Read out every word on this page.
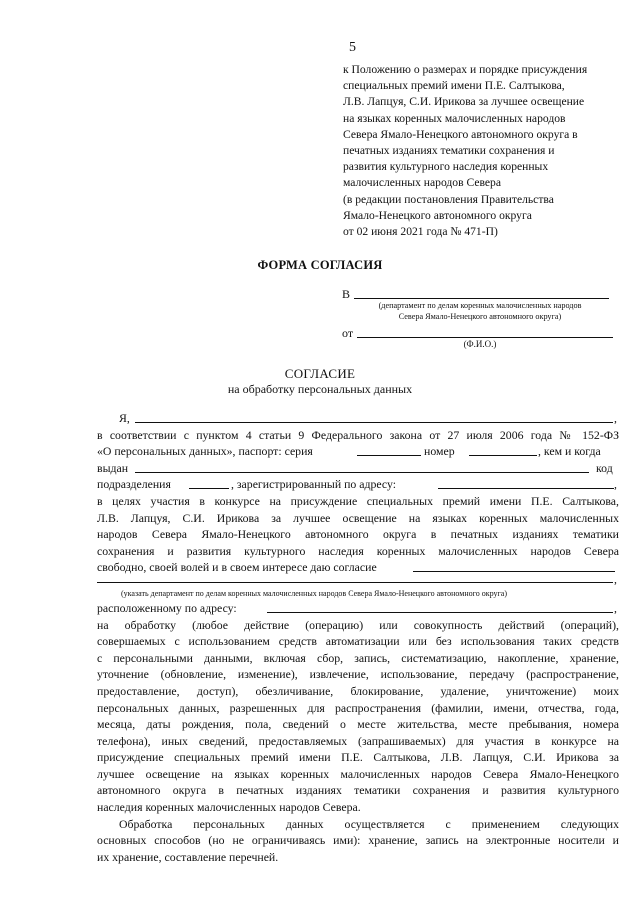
5
к Положению о размерах и порядке присуждения
специальных премий имени П.Е. Салтыкова,
Л.В. Лапцуя, С.И. Ирикова за лучшее освещение
на языках коренных малочисленных народов
Севера Ямало-Ненецкого автономного округа в
печатных изданиях тематики сохранения и
развития культурного наследия коренных
малочисленных народов Севера
(в редакции постановления Правительства
Ямало-Ненецкого автономного округа
от 02 июня 2021 года № 471-П)
ФОРМА СОГЛАСИЯ
В
(департамент по делам коренных малочисленных народов
Севера Ямало-Ненецкого автономного округа)
от
(Ф.И.О.)
СОГЛАСИЕ
на обработку персональных данных
Я,	,
в соответствии с пунктом 4 статьи 9 Федерального закона от 27 июля 2006 года № 152-ФЗ
«О персональных данных», паспорт: серия	номер	, кем и когда
выдан	код
подразделения	, зарегистрированный по адресу:	,
в целях участия в конкурсе на присуждение специальных премий имени П.Е. Салтыкова,
Л.В. Лапцуя, С.И. Ирикова за лучшее освещение на языках коренных малочисленных
народов Севера Ямало-Ненецкого автономного округа в печатных изданиях тематики
сохранения и развития культурного наследия коренных малочисленных народов Севера
свободно, своей волей и в своем интересе даю согласие
,
(указать департамент по делам коренных малочисленных народов Севера Ямало-Ненецкого автономного округа)
расположенному по адресу:	,
на обработку (любое действие (операцию) или совокупность действий (операций),
совершаемых с использованием средств автоматизации или без использования таких средств
с персональными данными, включая сбор, запись, систематизацию, накопление, хранение,
уточнение (обновление, изменение), извлечение, использование, передачу (распространение,
предоставление, доступ), обезличивание, блокирование, удаление, уничтожение) моих
персональных данных, разрешенных для распространения (фамилии, имени, отчества, года,
месяца, даты рождения, пола, сведений о месте жительства, месте пребывания, номера
телефона), иных сведений, предоставляемых (запрашиваемых) для участия в конкурсе на
присуждение специальных премий имени П.Е. Салтыкова, Л.В. Лапцуя, С.И. Ирикова за
лучшее освещение на языках коренных малочисленных народов Севера Ямало-Ненецкого
автономного округа в печатных изданиях тематики сохранения и развития культурного
наследия коренных малочисленных народов Севера.
Обработка персональных данных осуществляется с применением следующих
основных способов (но не ограничиваясь ими): хранение, запись на электронные носители и
их хранение, составление перечней.
